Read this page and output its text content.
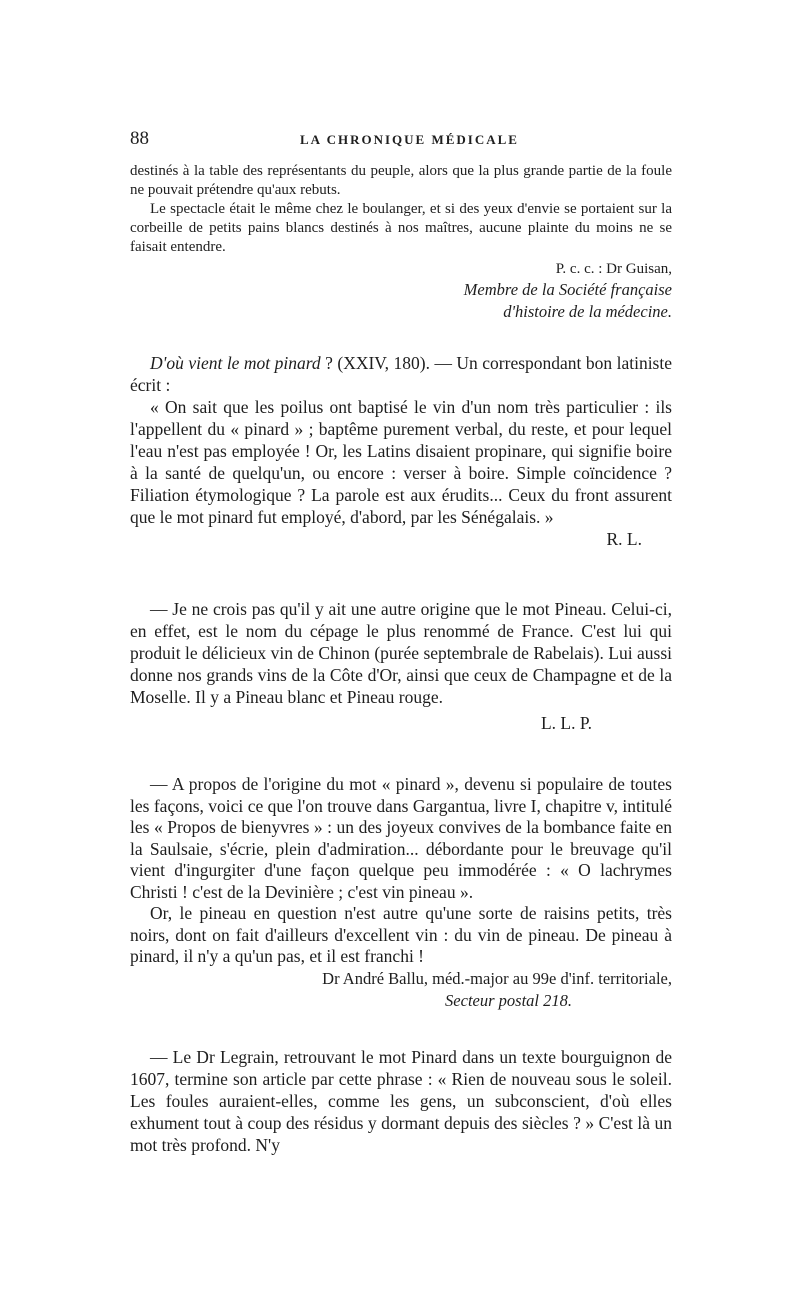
88	LA CHRONIQUE MÉDICALE

destinés à la table des représentants du peuple, alors que la plus grande partie de la foule ne pouvait prétendre qu'aux rebuts.

Le spectacle était le même chez le boulanger, et si des yeux d'envie se portaient sur la corbeille de petits pains blancs destinés à nos maîtres, aucune plainte du moins ne se faisait entendre.

P. c. c. : Dr Guisan,

Membre de la Société française

d'histoire de la médecine.

D'où vient le mot pinard ? (XXIV, 180). — Un correspondant bon latiniste écrit :

« On sait que les poilus ont baptisé le vin d'un nom très particulier : ils l'appellent du « pinard » ; baptême purement verbal, du reste, et pour lequel l'eau n'est pas employée ! Or, les Latins disaient propinare, qui signifie boire à la santé de quelqu'un, ou encore : verser à boire. Simple coïncidence ? Filiation étymologique ? La parole est aux érudits... Ceux du front assurent que le mot pinard fut employé, d'abord, par les Sénégalais. »

R. L.

— Je ne crois pas qu'il y ait une autre origine que le mot Pineau. Celui-ci, en effet, est le nom du cépage le plus renommé de France. C'est lui qui produit le délicieux vin de Chinon (purée septembrale de Rabelais). Lui aussi donne nos grands vins de la Côte d'Or, ainsi que ceux de Champagne et de la Moselle. Il y a Pineau blanc et Pineau rouge.

L. L. P.

— A propos de l'origine du mot « pinard », devenu si populaire de toutes les façons, voici ce que l'on trouve dans Gargantua, livre I, chapitre v, intitulé les « Propos de bienyvres » : un des joyeux convives de la bombance faite en la Saulsaie, s'écrie, plein d'admiration... débordante pour le breuvage qu'il vient d'ingurgiter d'une façon quelque peu immodérée : « O lachrymes Christi ! c'est de la Devinière ; c'est vin pineau ».

Or, le pineau en question n'est autre qu'une sorte de raisins petits, très noirs, dont on fait d'ailleurs d'excellent vin : du vin de pineau. De pineau à pinard, il n'y a qu'un pas, et il est franchi !

Dr André Ballu, méd.-major au 99e d'inf. territoriale,

Secteur postal 218.

— Le Dr Legrain, retrouvant le mot Pinard dans un texte bourguignon de 1607, termine son article par cette phrase : « Rien de nouveau sous le soleil. Les foules auraient-elles, comme les gens, un subconscient, d'où elles exhument tout à coup des résidus y dormant depuis des siècles ? » C'est là un mot très profond. N'y
